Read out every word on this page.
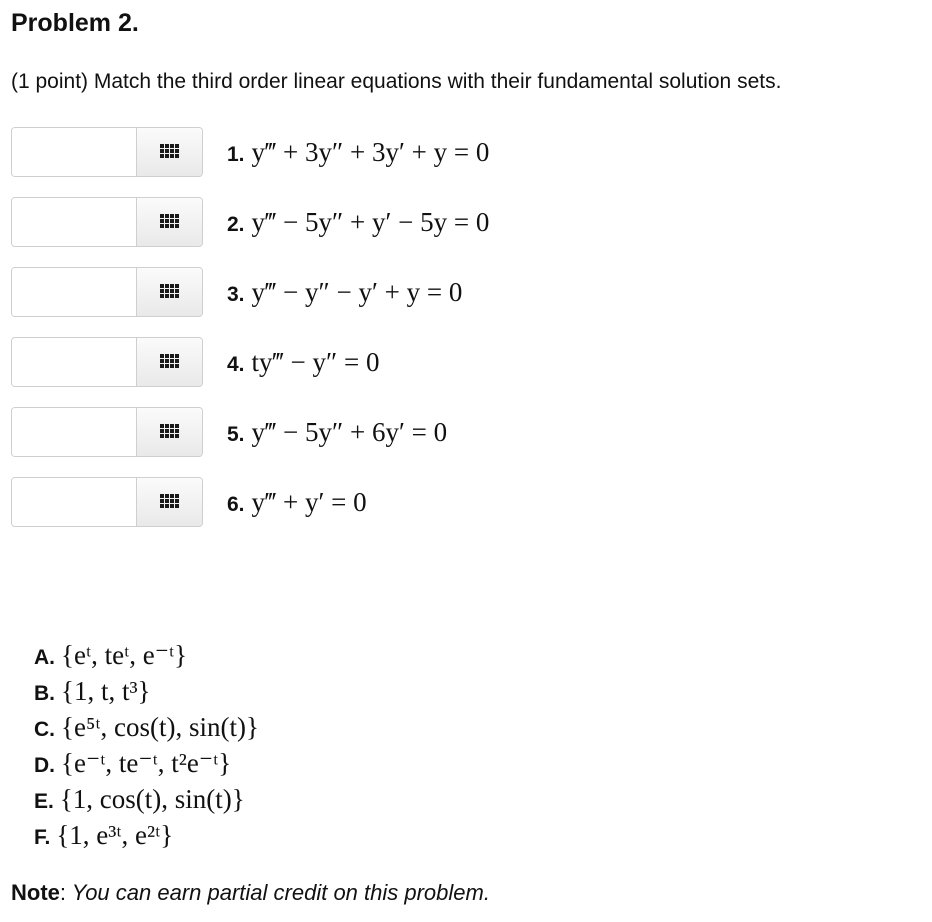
Problem 2.
(1 point) Match the third order linear equations with their fundamental solution sets.
1. y‴ + 3y″ + 3y′ + y = 0
2. y‴ − 5y″ + y′ − 5y = 0
3. y‴ − y″ − y′ + y = 0
4. ty‴ − y″ = 0
5. y‴ − 5y″ + 6y′ = 0
6. y‴ + y′ = 0
A. {eᵗ, teᵗ, e⁻ᵗ}
B. {1, t, t³}
C. {e⁵ᵗ, cos(t), sin(t)}
D. {e⁻ᵗ, te⁻ᵗ, t²e⁻ᵗ}
E. {1, cos(t), sin(t)}
F. {1, e³ᵗ, e²ᵗ}
Note: You can earn partial credit on this problem.
